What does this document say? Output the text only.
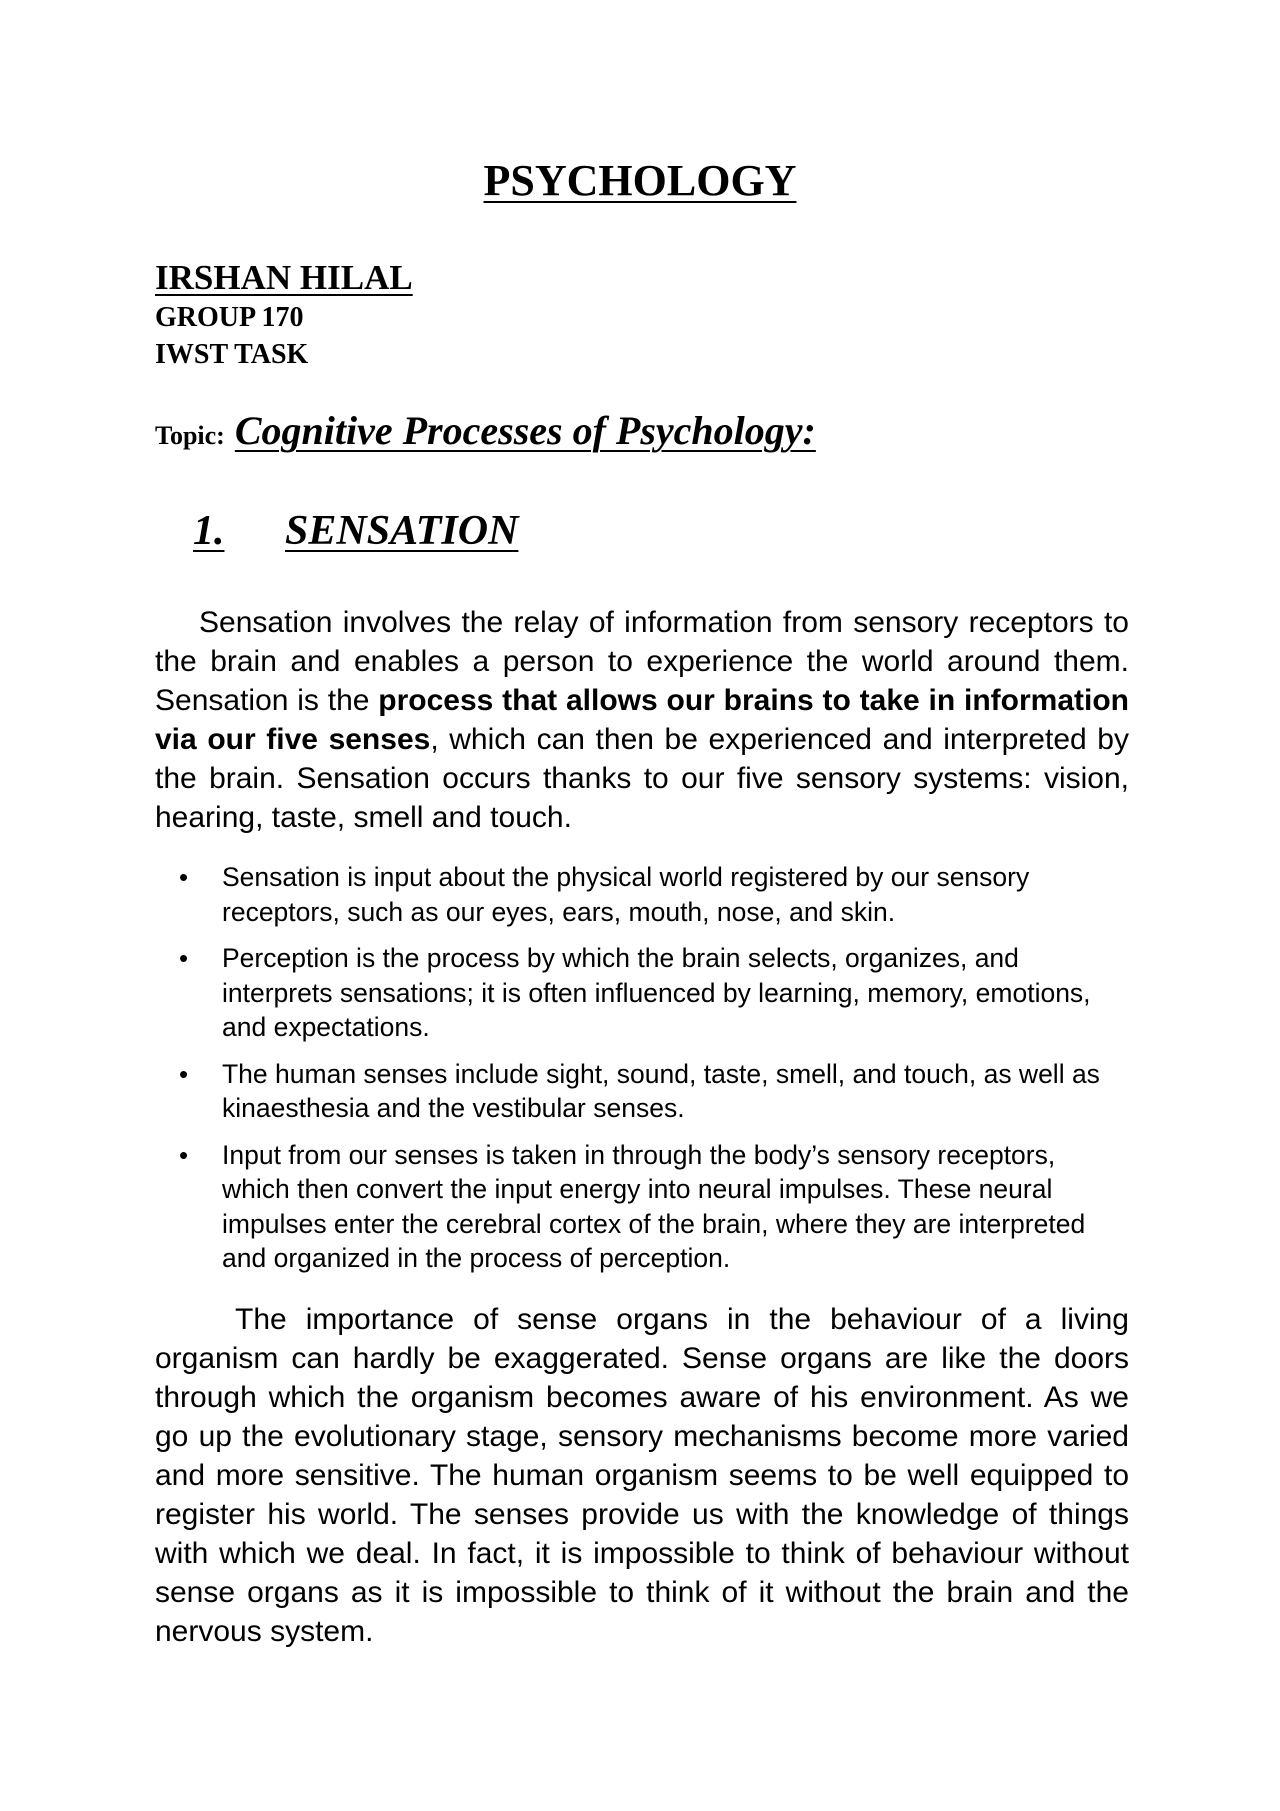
PSYCHOLOGY
IRSHAN HILAL
GROUP 170
IWST TASK
Topic: Cognitive Processes of Psychology:
1. SENSATION

Sensation involves the relay of information from sensory receptors to the brain and enables a person to experience the world around them. Sensation is the process that allows our brains to take in information via our five senses, which can then be experienced and interpreted by the brain. Sensation occurs thanks to our five sensory systems: vision, hearing, taste, smell and touch.

• Sensation is input about the physical world registered by our sensory receptors, such as our eyes, ears, mouth, nose, and skin.
• Perception is the process by which the brain selects, organizes, and interprets sensations; it is often influenced by learning, memory, emotions, and expectations.
• The human senses include sight, sound, taste, smell, and touch, as well as kinaesthesia and the vestibular senses.
• Input from our senses is taken in through the body’s sensory receptors, which then convert the input energy into neural impulses. These neural impulses enter the cerebral cortex of the brain, where they are interpreted and organized in the process of perception.

The importance of sense organs in the behaviour of a living organism can hardly be exaggerated. Sense organs are like the doors through which the organism becomes aware of his environment. As we go up the evolutionary stage, sensory mechanisms become more varied and more sensitive. The human organism seems to be well equipped to register his world. The senses provide us with the knowledge of things with which we deal. In fact, it is impossible to think of behaviour without sense organs as it is impossible to think of it without the brain and the nervous system.
